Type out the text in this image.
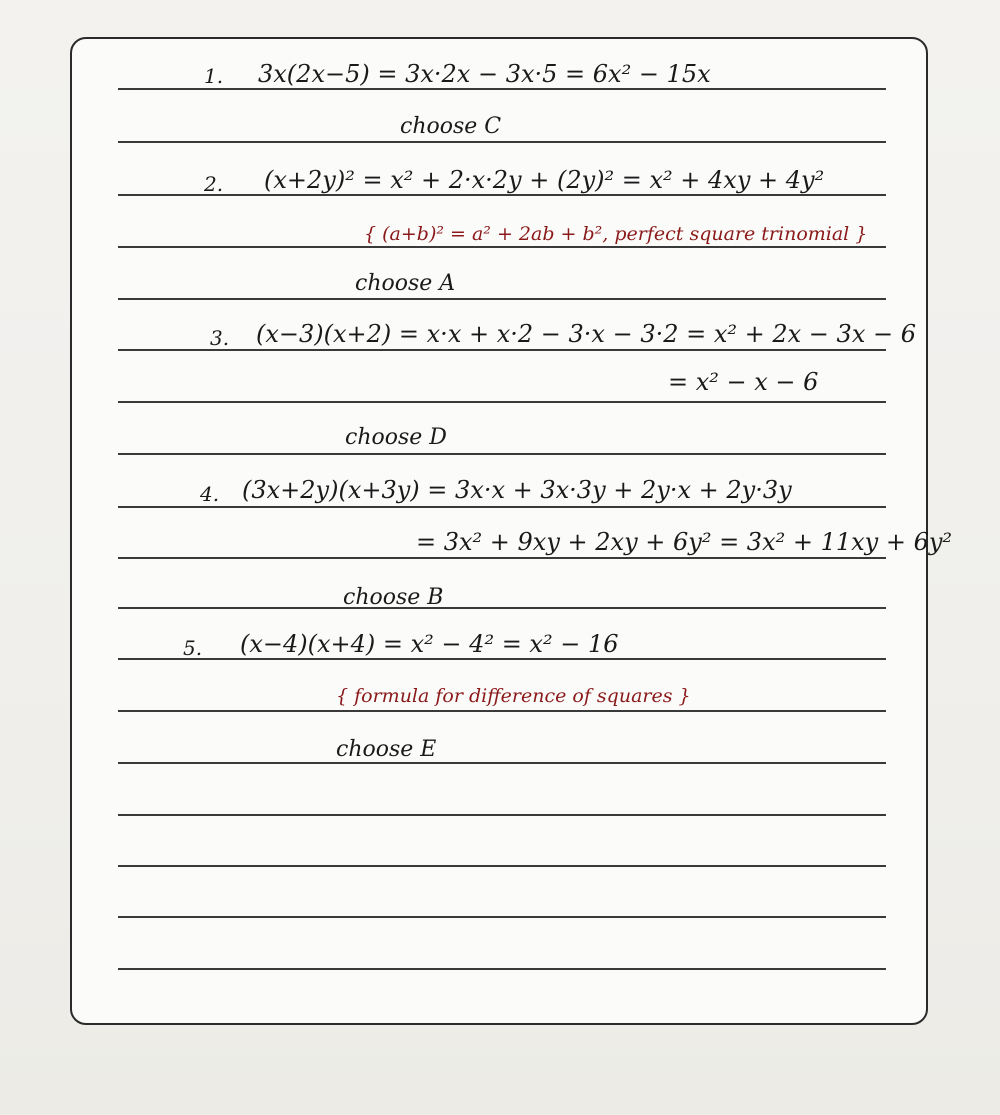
1. 3x(2x−5) = 3x·2x − 3x·5 = 6x² − 15x
choose C
2. (x+2y)² = x² + 2·x·2y + (2y)² = x² + 4xy + 4y²
{ (a+b)² = a² + 2ab + b², perfect square trinomial }
choose A
3. (x−3)(x+2) = x·x + x·2 − 3·x − 3·2 = x² + 2x − 3x − 6
= x² − x − 6
choose D
4. (3x+2y)(x+3y) = 3x·x + 3x·3y + 2y·x + 2y·3y
= 3x² + 9xy + 2xy + 6y² = 3x² + 11xy + 6y²
choose B
5. (x−4)(x+4) = x² − 4² = x² − 16
{ formula for difference of squares }
choose E
